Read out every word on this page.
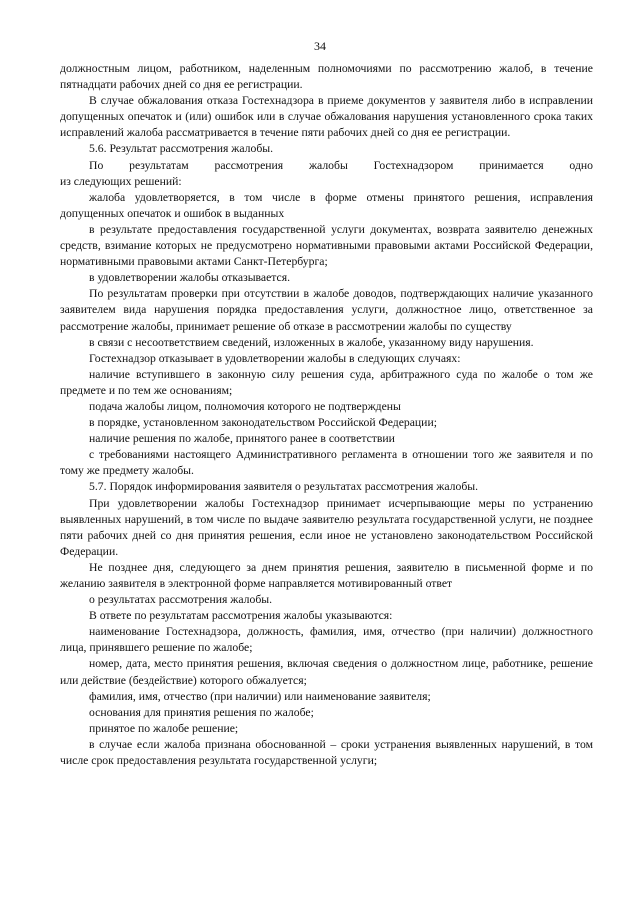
34

должностным лицом, работником, наделенным полномочиями по рассмотрению жалоб, в течение пятнадцати рабочих дней со дня ее регистрации.

В случае обжалования отказа Гостехнадзора в приеме документов у заявителя либо в исправлении допущенных опечаток и (или) ошибок или в случае обжалования нарушения установленного срока таких исправлений жалоба рассматривается в течение пяти рабочих дней со дня ее регистрации.

5.6. Результат рассмотрения жалобы.

По результатам рассмотрения жалобы Гостехнадзором принимается одно

из следующих решений:

жалоба удовлетворяется, в том числе в форме отмены принятого решения, исправления допущенных опечаток и ошибок в выданных

в результате предоставления государственной услуги документах, возврата заявителю денежных средств, взимание которых не предусмотрено нормативными правовыми актами Российской Федерации, нормативными правовыми актами Санкт-Петербурга;

в удовлетворении жалобы отказывается.

По результатам проверки при отсутствии в жалобе доводов, подтверждающих наличие указанного заявителем вида нарушения порядка предоставления услуги, должностное лицо, ответственное за рассмотрение жалобы, принимает решение об отказе в рассмотрении жалобы по существу

в связи с несоответствием сведений, изложенных в жалобе, указанному виду нарушения.

Гостехнадзор отказывает в удовлетворении жалобы в следующих случаях:

наличие вступившего в законную силу решения суда, арбитражного суда по жалобе о том же предмете и по тем же основаниям;

подача жалобы лицом, полномочия которого не подтверждены

в порядке, установленном законодательством Российской Федерации;

наличие решения по жалобе, принятого ранее в соответствии

с требованиями настоящего Административного регламента в отношении того же заявителя и по тому же предмету жалобы.

5.7. Порядок информирования заявителя о результатах рассмотрения жалобы.

При удовлетворении жалобы Гостехнадзор принимает исчерпывающие меры по устранению выявленных нарушений, в том числе по выдаче заявителю результата государственной услуги, не позднее пяти рабочих дней со дня принятия решения, если иное не установлено законодательством Российской Федерации.

Не позднее дня, следующего за днем принятия решения, заявителю в письменной форме и по желанию заявителя в электронной форме направляется мотивированный ответ

о результатах рассмотрения жалобы.

В ответе по результатам рассмотрения жалобы указываются:

наименование Гостехнадзора, должность, фамилия, имя, отчество (при наличии) должностного лица, принявшего решение по жалобе;

номер, дата, место принятия решения, включая сведения о должностном лице, работнике, решение или действие (бездействие) которого обжалуется;

фамилия, имя, отчество (при наличии) или наименование заявителя;

основания для принятия решения по жалобе;

принятое по жалобе решение;

в случае если жалоба признана обоснованной – сроки устранения выявленных нарушений, в том числе срок предоставления результата государственной услуги;
